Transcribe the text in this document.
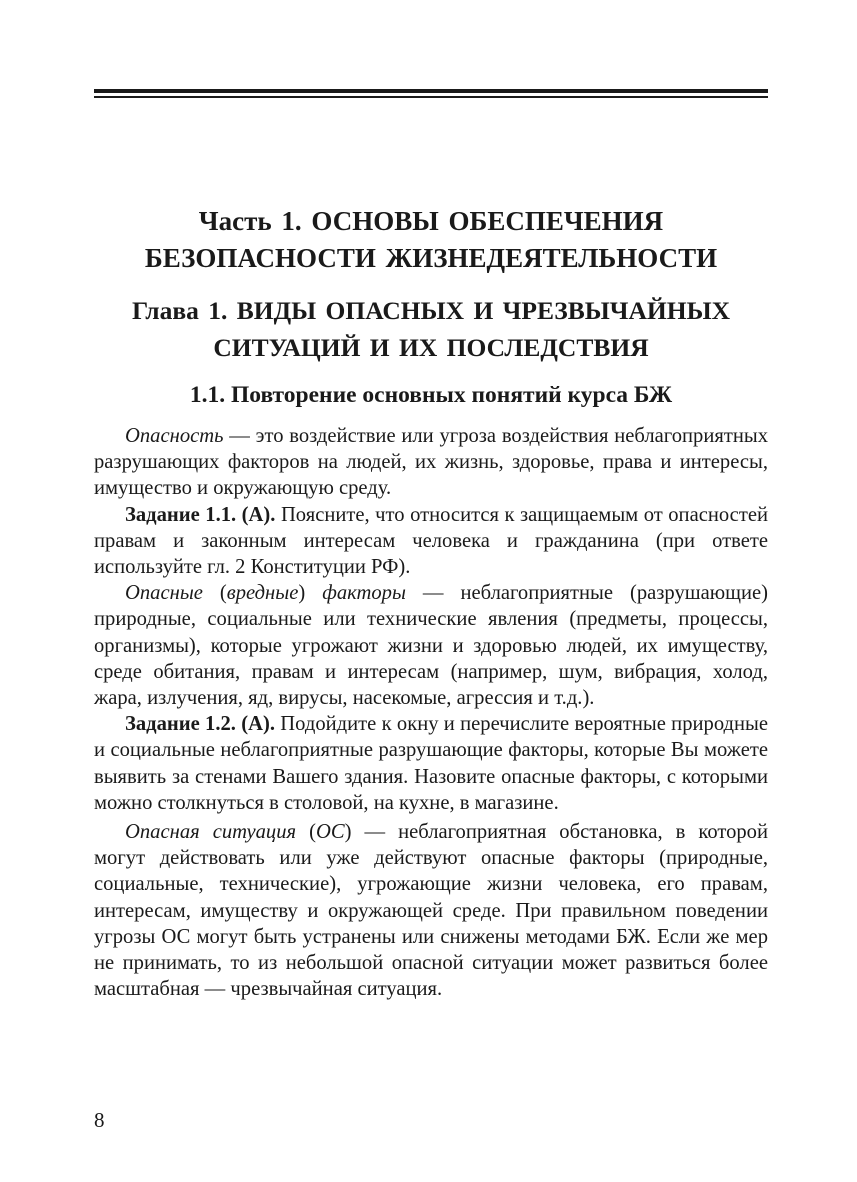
Часть 1. ОСНОВЫ ОБЕСПЕЧЕНИЯ
БЕЗОПАСНОСТИ ЖИЗНЕДЕЯТЕЛЬНОСТИ
Глава 1. ВИДЫ ОПАСНЫХ И ЧРЕЗВЫЧАЙНЫХ
СИТУАЦИЙ И ИХ ПОСЛЕДСТВИЯ
1.1. Повторение основных понятий курса БЖ

Опасность — это воздействие или угроза воздействия неблагоприятных разрушающих факторов на людей, их жизнь, здоровье, права и интересы, имущество и окружающую среду.

Задание 1.1. (А). Поясните, что относится к защищаемым от опасностей правам и законным интересам человека и гражданина (при ответе используйте гл. 2 Конституции РФ).

Опасные (вредные) факторы — неблагоприятные (разрушающие) природные, социальные или технические явления (предметы, процессы, организмы), которые угрожают жизни и здоровью людей, их имуществу, среде обитания, правам и интересам (например, шум, вибрация, холод, жара, излучения, яд, вирусы, насекомые, агрессия и т.д.).

Задание 1.2. (А). Подойдите к окну и перечислите вероятные природные и социальные неблагоприятные разрушающие факторы, которые Вы можете выявить за стенами Вашего здания. Назовите опасные факторы, с которыми можно столкнуться в столовой, на кухне, в магазине.

Опасная ситуация (ОС) — неблагоприятная обстановка, в которой могут действовать или уже действуют опасные факторы (природные, социальные, технические), угрожающие жизни человека, его правам, интересам, имуществу и окружающей среде. При правильном поведении угрозы ОС могут быть устранены или снижены методами БЖ. Если же мер не принимать, то из небольшой опасной ситуации может развиться более масштабная — чрезвычайная ситуация.

8
